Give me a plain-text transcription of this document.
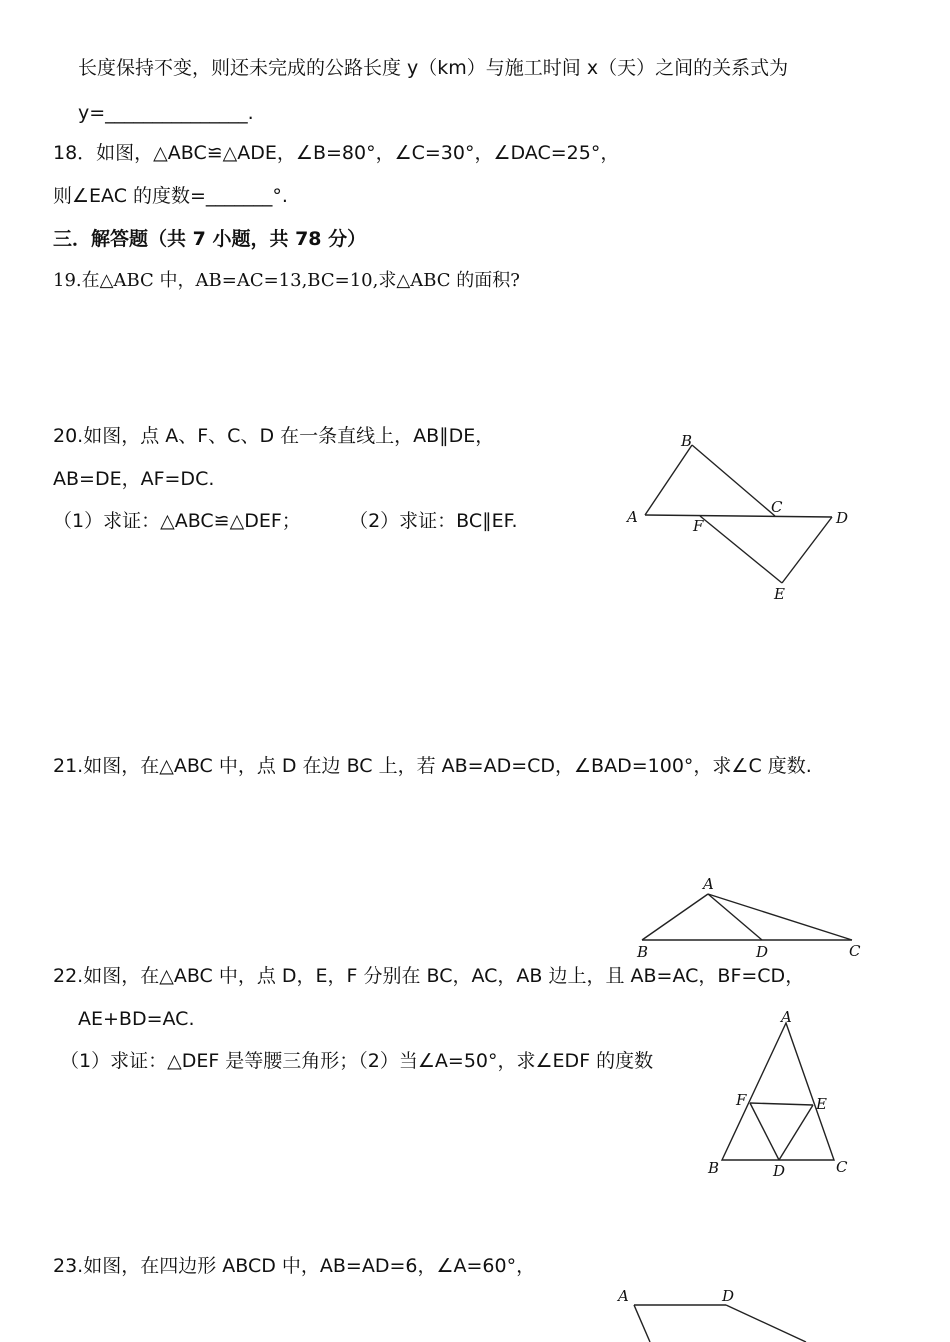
长度保持不变，则还未完成的公路长度 y（km）与施工时间 x（天）之间的关系式为
y=_______________.
18．如图，△ABC≌△ADE，∠B=80°，∠C=30°，∠DAC=25°，
则∠EAC 的度数=_______°.
三．解答题（共 7 小题，共 78 分）
19.在△ABC 中，AB=AC=13,BC=10,求△ABC 的面积?
20.如图，点 A、F、C、D 在一条直线上，AB∥DE，
AB=DE，AF=DC.
（1）求证：△ABC≌△DEF；        （2）求证：BC∥EF.
B
A	F
C
D
E
21.如图，在△ABC 中，点 D 在边 BC 上，若 AB=AD=CD，∠BAD=100°，求∠C 度数.
A
B	D	C
22.如图，在△ABC 中，点 D，E，F 分别在 BC，AC，AB 边上，且 AB=AC，BF=CD，
AE+BD=AC.
（1）求证：△DEF 是等腰三角形；（2）当∠A=50°，求∠EDF 的度数
A
F	E
B	D	C
23.如图，在四边形 ABCD 中，AB=AD=6，∠A=60°，
A	D
